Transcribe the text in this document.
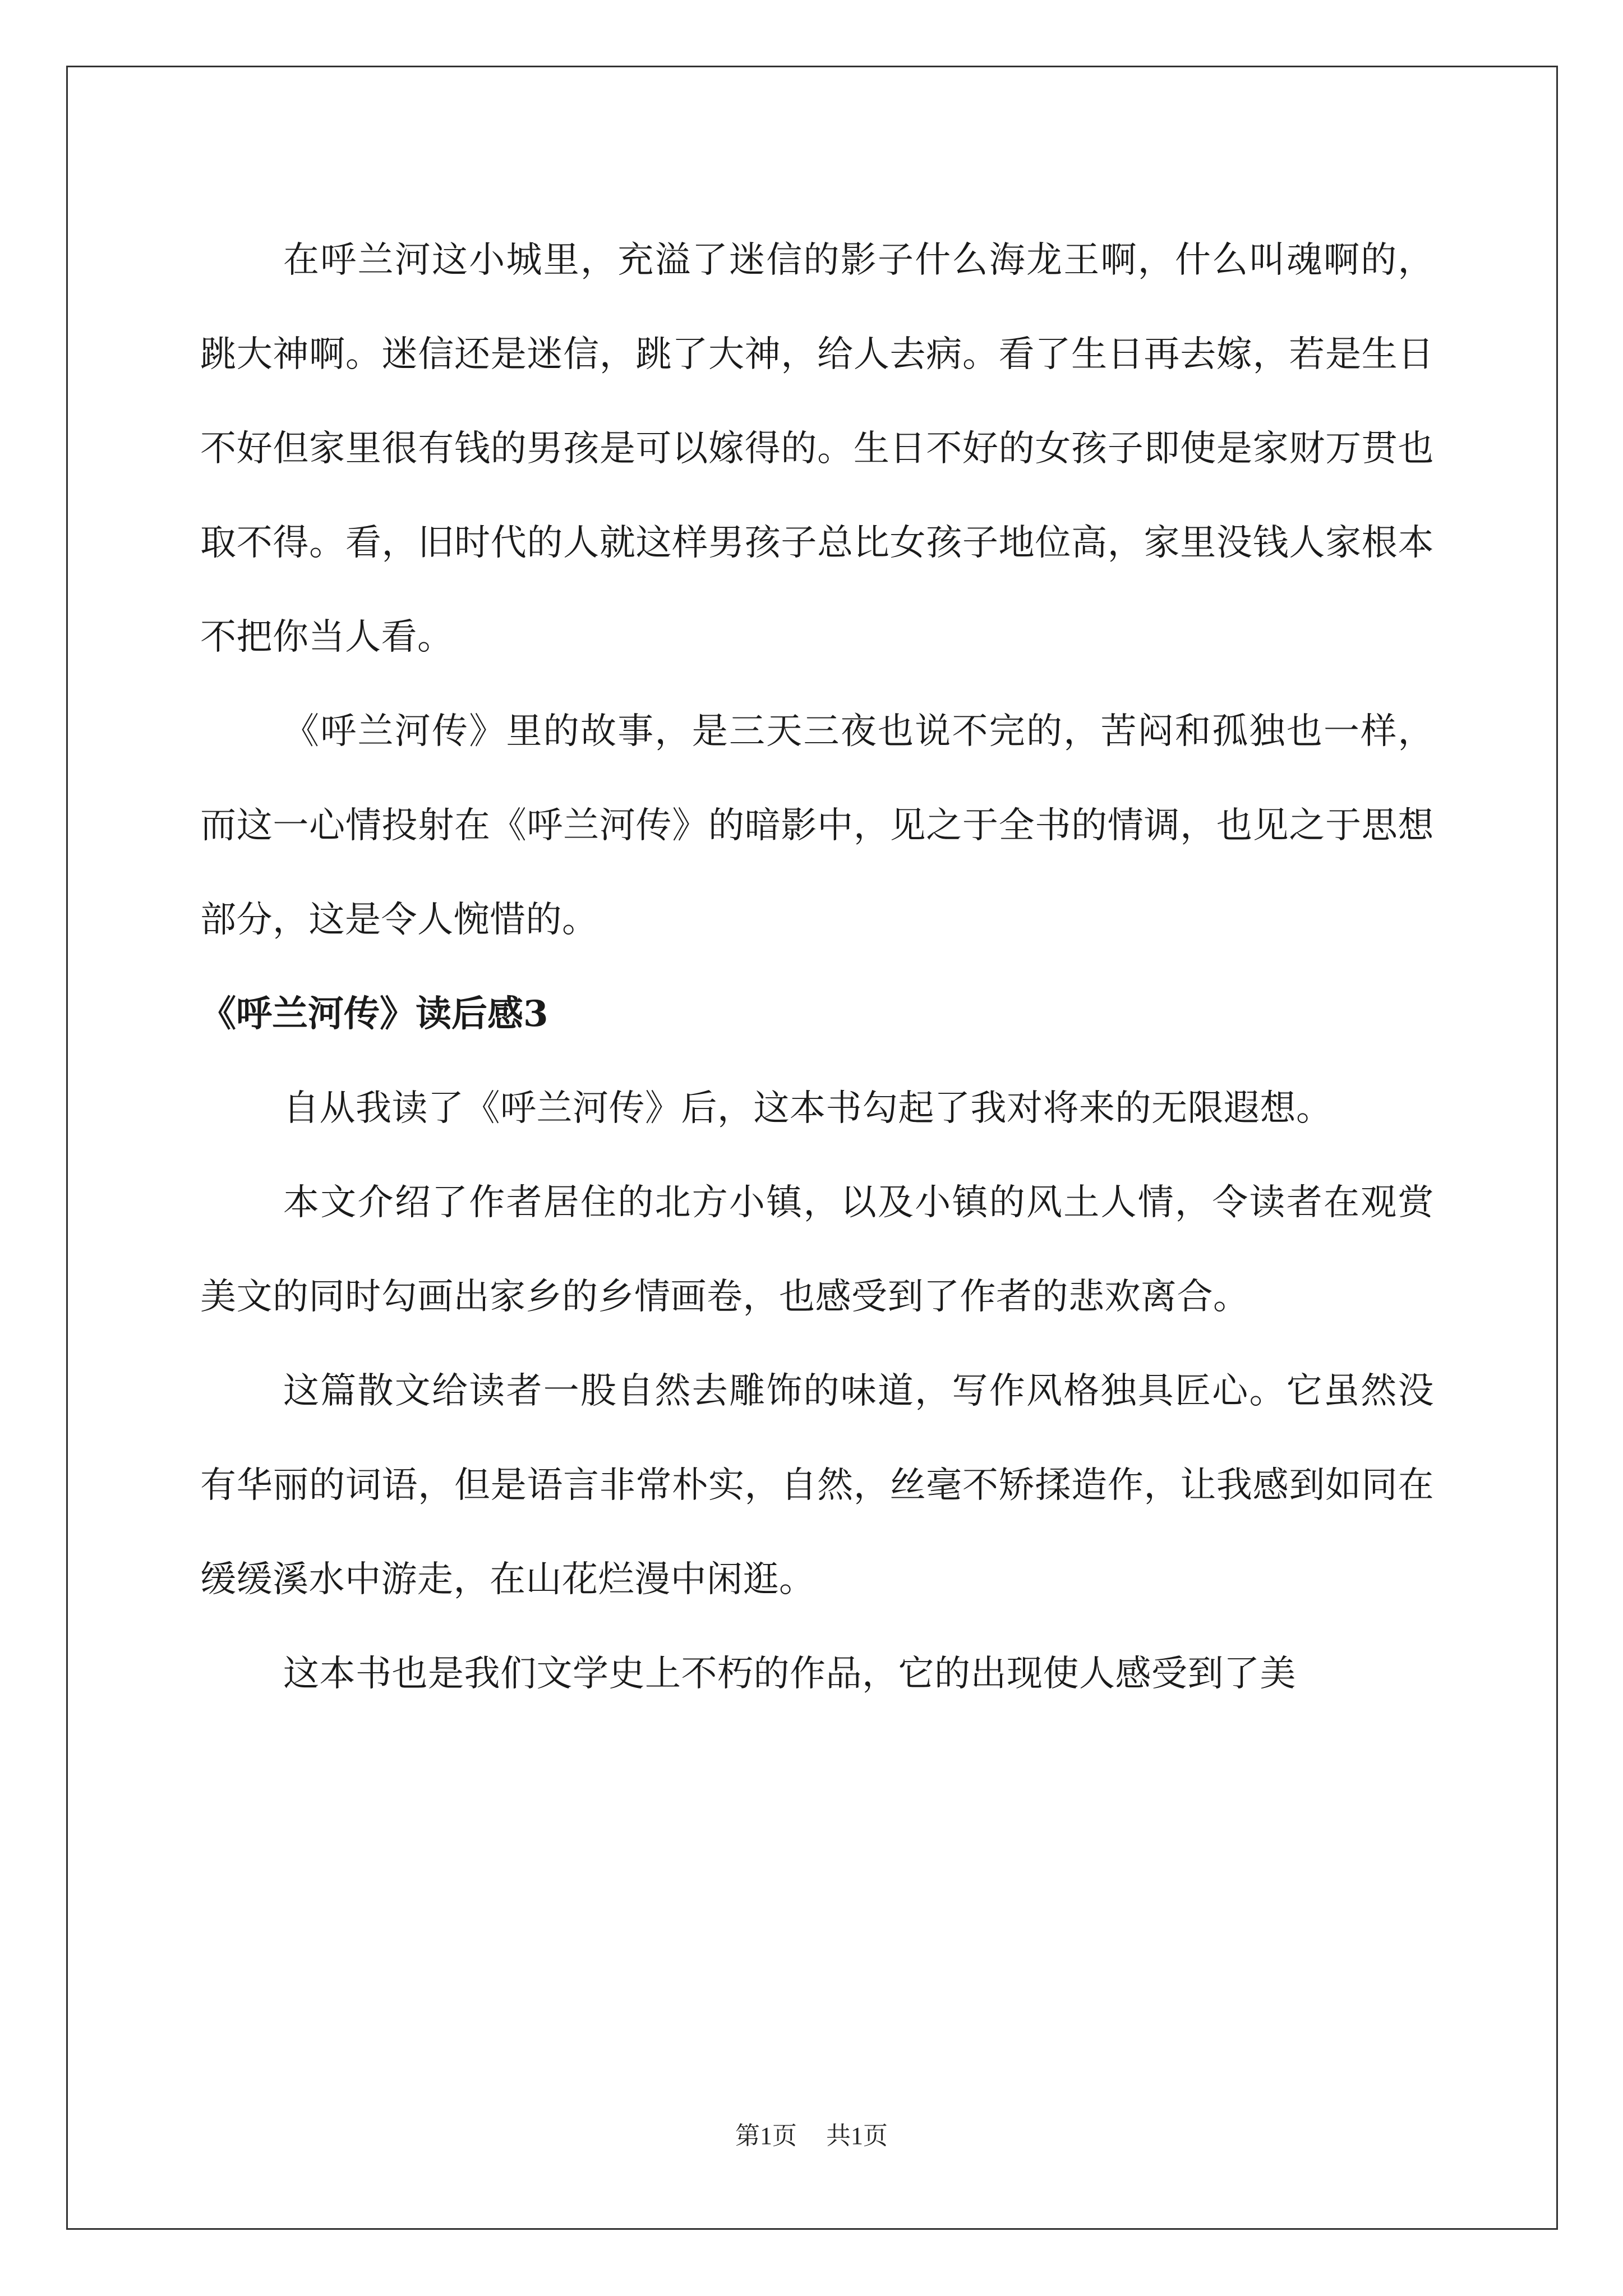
在呼兰河这小城里，充溢了迷信的影子什么海龙王啊，什么叫魂啊的，跳大神啊。迷信还是迷信，跳了大神，给人去病。看了生日再去嫁，若是生日不好但家里很有钱的男孩是可以嫁得的。生日不好的女孩子即使是家财万贯也取不得。看，旧时代的人就这样男孩子总比女孩子地位高，家里没钱人家根本不把你当人看。

《呼兰河传》里的故事，是三天三夜也说不完的，苦闷和孤独也一样，而这一心情投射在《呼兰河传》的暗影中，见之于全书的情调，也见之于思想部分，这是令人惋惜的。

《呼兰河传》读后感3

自从我读了《呼兰河传》后，这本书勾起了我对将来的无限遐想。

本文介绍了作者居住的北方小镇，以及小镇的风土人情，令读者在观赏美文的同时勾画出家乡的乡情画卷，也感受到了作者的悲欢离合。

这篇散文给读者一股自然去雕饰的味道，写作风格独具匠心。它虽然没有华丽的词语，但是语言非常朴实，自然，丝毫不矫揉造作，让我感到如同在缓缓溪水中游走，在山花烂漫中闲逛。

这本书也是我们文学史上不朽的作品，它的出现使人感受到了美

第1页 共1页
